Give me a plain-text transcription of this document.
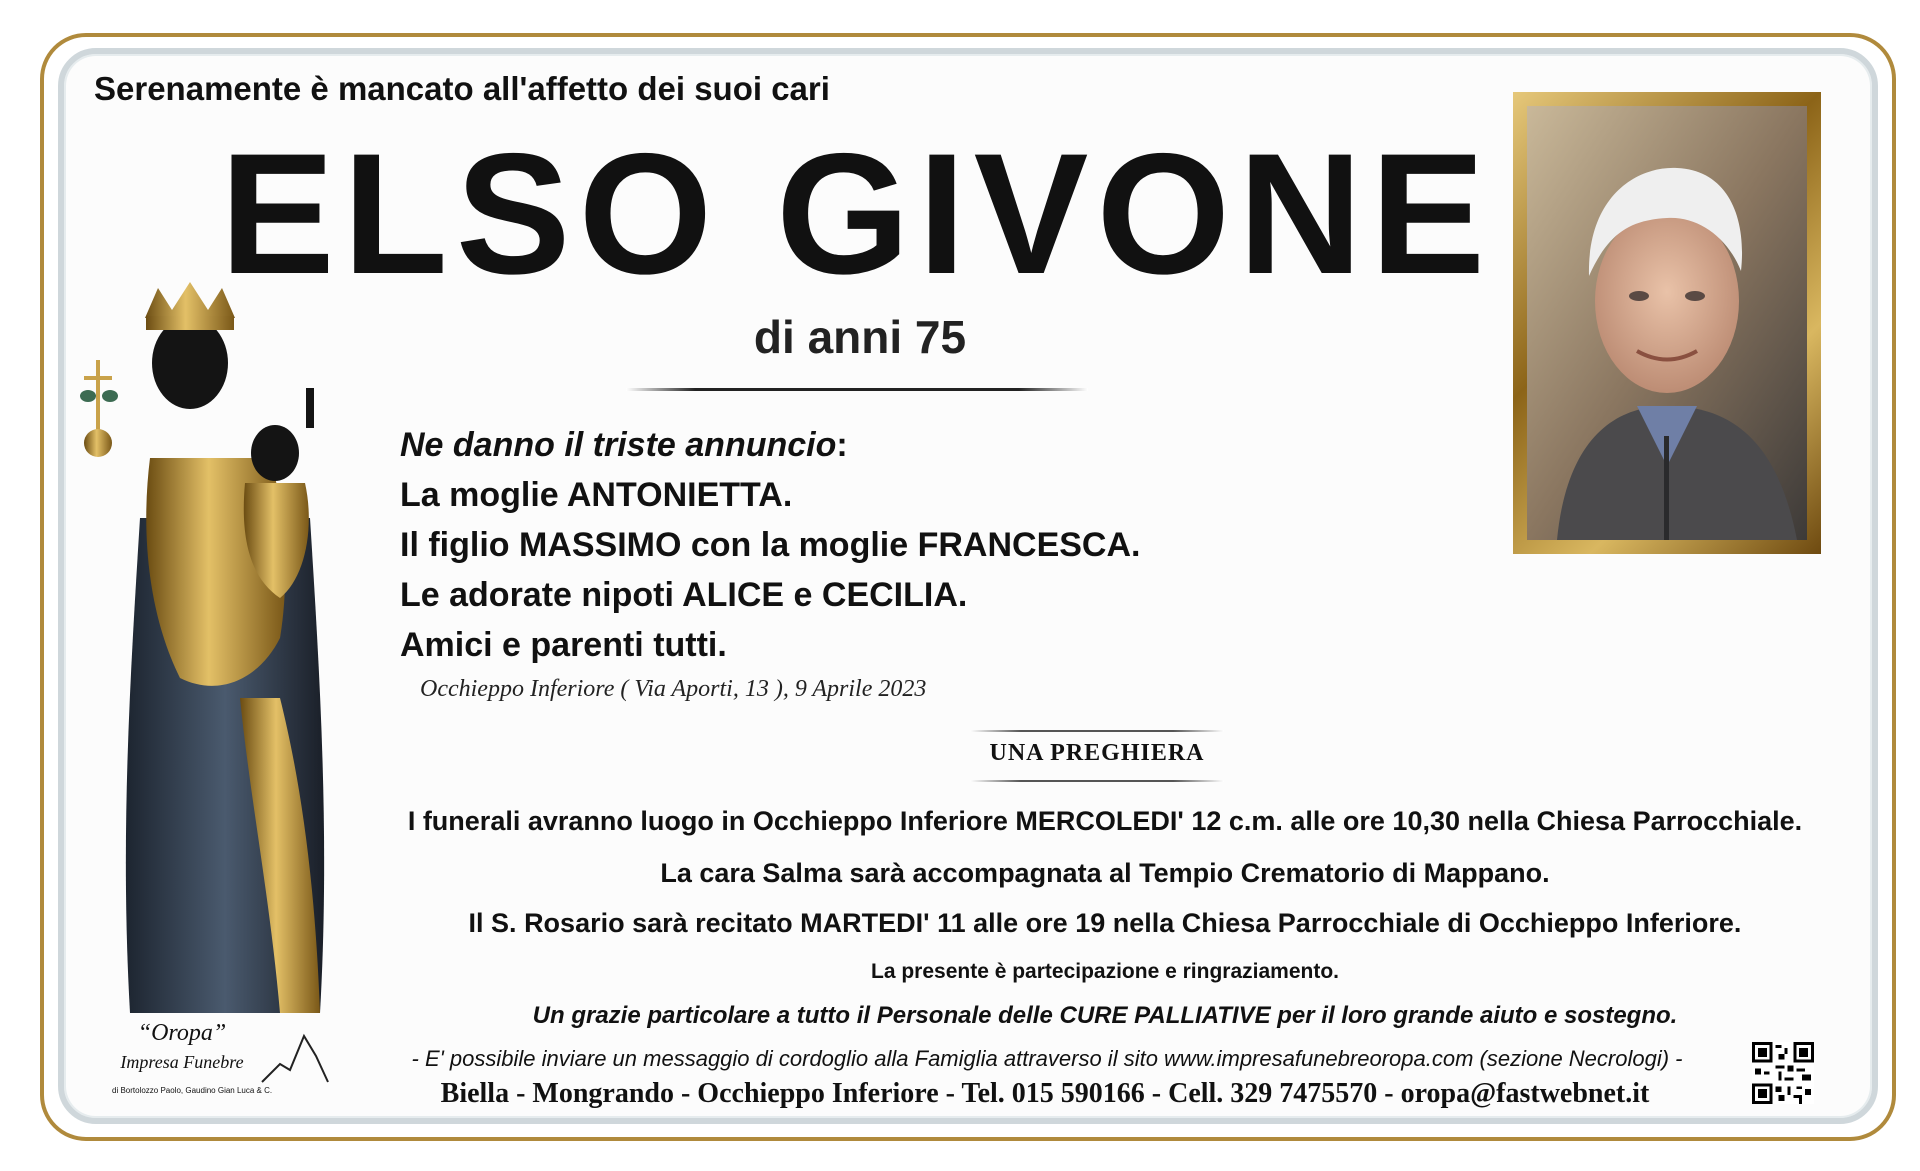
Serenamente è mancato all'affetto dei suoi cari
ELSO GIVONE
di anni 75
Ne danno il triste annuncio:
La moglie ANTONIETTA.
Il figlio MASSIMO con la moglie FRANCESCA.
Le adorate nipoti ALICE e CECILIA.
Amici e parenti tutti.
Occhieppo Inferiore ( Via Aporti, 13 ), 9 Aprile 2023
UNA PREGHIERA
I funerali avranno luogo in Occhieppo Inferiore MERCOLEDI' 12 c.m. alle ore 10,30 nella Chiesa Parrocchiale.
La cara Salma sarà accompagnata al Tempio Crematorio di Mappano.
Il S. Rosario sarà recitato MARTEDI' 11 alle ore 19 nella Chiesa Parrocchiale di Occhieppo Inferiore.
La presente è partecipazione e ringraziamento.
Un grazie particolare a tutto il Personale delle CURE PALLIATIVE per il loro grande aiuto e sostegno.
- E' possibile inviare un messaggio di cordoglio alla Famiglia attraverso il sito www.impresafunebreoropa.com (sezione Necrologi) -
Biella - Mongrando - Occhieppo Inferiore - Tel. 015 590166 - Cell. 329 7475570 - oropa@fastwebnet.it
“Oropa”
Impresa Funebre
di Bortolozzo Paolo, Gaudino Gian Luca & C.
